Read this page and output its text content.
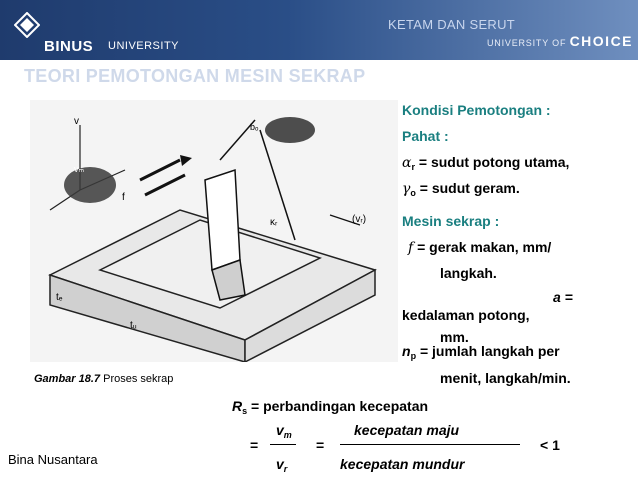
BINUS UNIVERSITY
KETAM DAN SERUT
UNIVERSITY OF CHOICE
TEORI PEMOTONGAN MESIN SEKRAP
v
vₘ
f
tₑ
tᵤ
κᵣ
bₒ
(vᵣ)
Gambar 18.7 Proses sekrap
Kondisi Pemotongan :
Pahat :
$\alpha_r$ = sudut potong utama,
$\gamma_o$ = sudut geram.
Mesin sekrap :
f = gerak makan, mm/
langkah.
a =
kedalaman potong,
mm.
$n_p$ = jumlah langkah per
menit, langkah/min.
$R_s$ = perbandingan kecepatan
=
$v_m$
$v_r$
=
kecepatan maju
kecepatan mundur
< 1
Bina Nusantara
